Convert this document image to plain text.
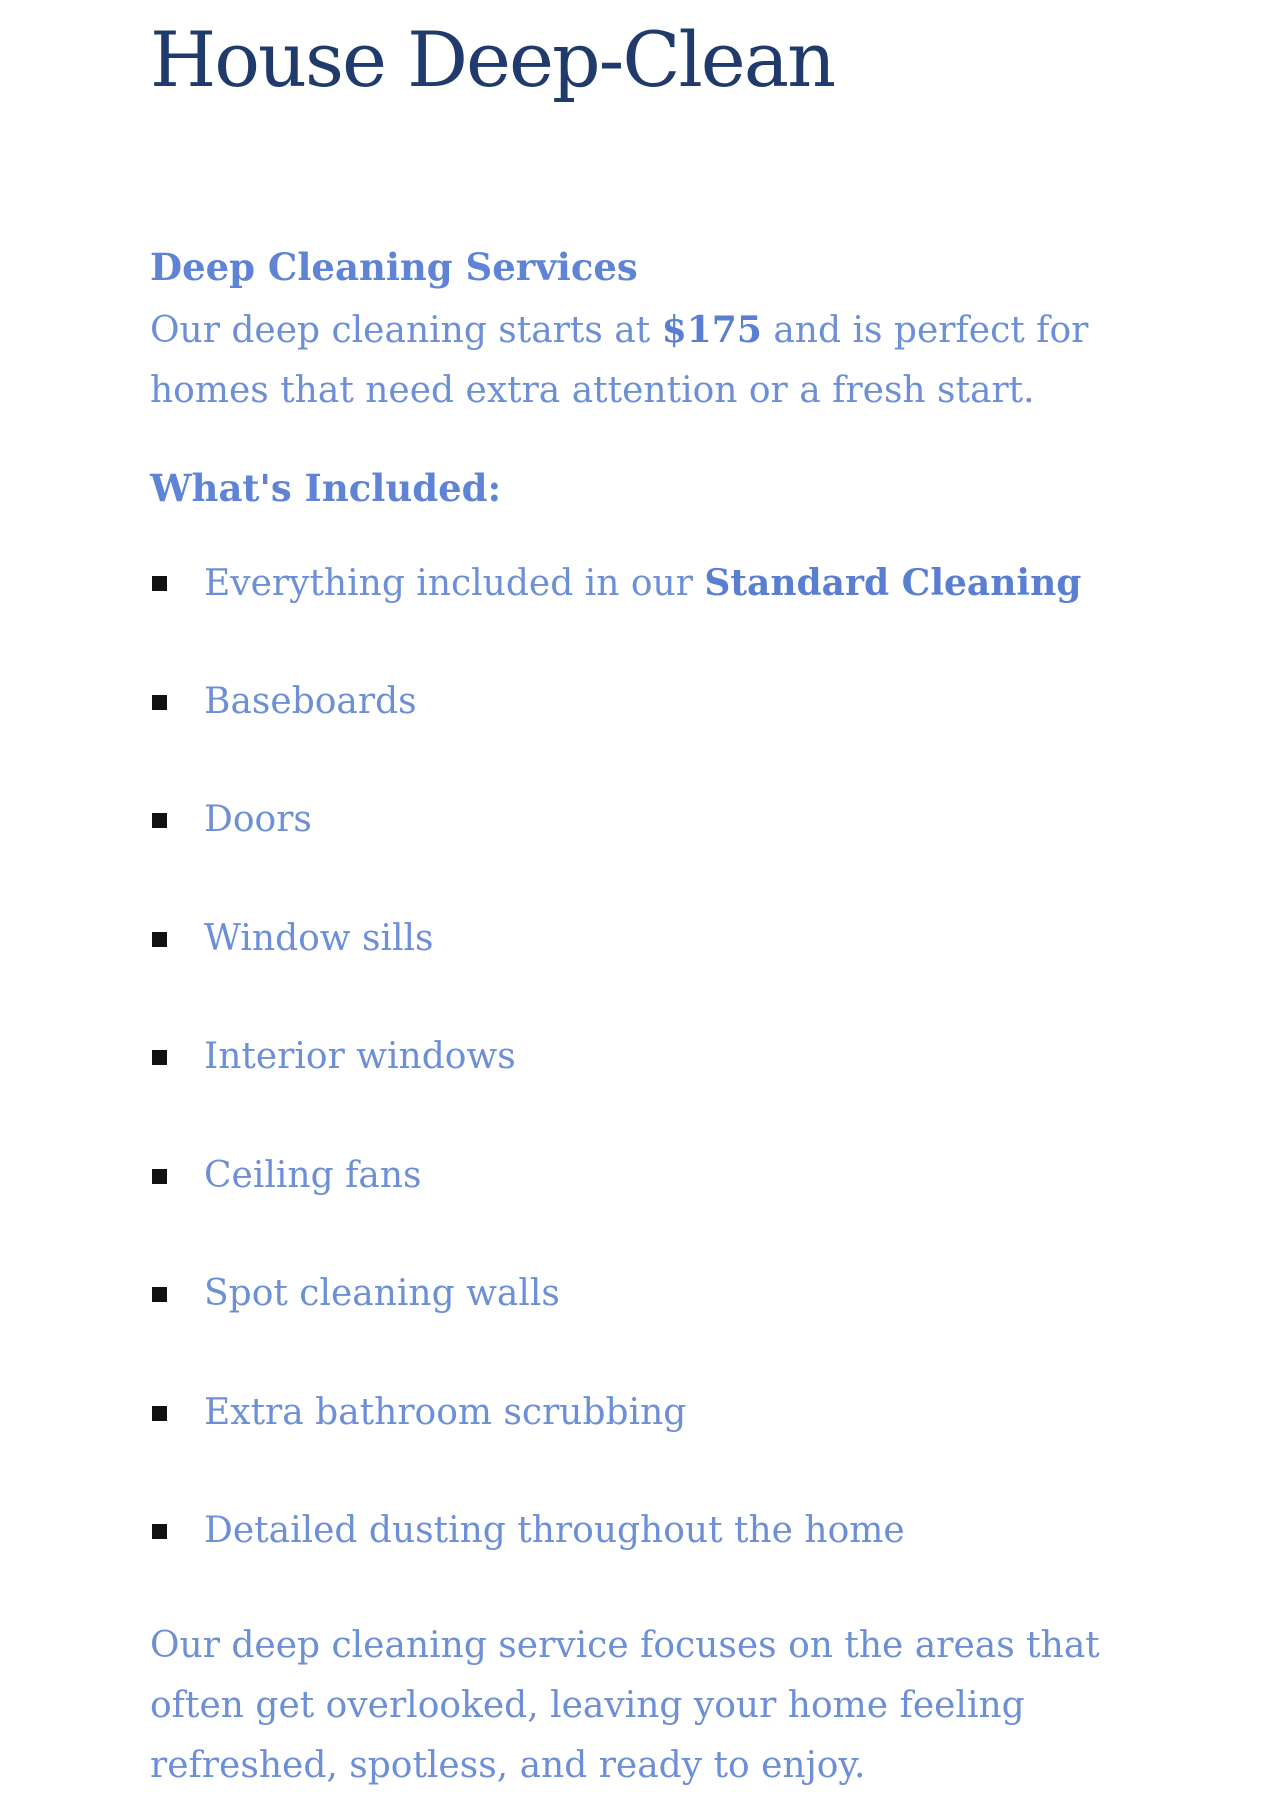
House Deep-Clean
Deep Cleaning Services

Our deep cleaning starts at $175 and is perfect for homes that need extra attention or a fresh start.

What's Included:
Everything included in our Standard Cleaning
Baseboards
Doors
Window sills
Interior windows
Ceiling fans
Spot cleaning walls
Extra bathroom scrubbing
Detailed dusting throughout the home

Our deep cleaning service focuses on the areas that often get overlooked, leaving your home feeling refreshed, spotless, and ready to enjoy.
